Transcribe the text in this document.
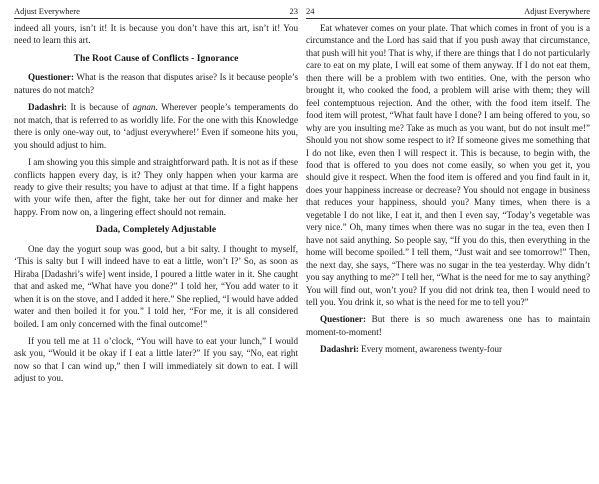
Adjust Everywhere	23

indeed all yours, isn’t it! It is because you don’t have this art, isn’t it! You need to learn this art.

The Root Cause of Conflicts - Ignorance

Questioner: What is the reason that disputes arise? Is it because people’s natures do not match?

Dadashri: It is because of agnan. Wherever people’s temperaments do not match, that is referred to as worldly life. For the one with this Knowledge there is only one-way out, to ‘adjust everywhere!’ Even if someone hits you, you should adjust to him.

I am showing you this simple and straightforward path. It is not as if these conflicts happen every day, is it? They only happen when your karma are ready to give their results; you have to adjust at that time. If a fight happens with your wife then, after the fight, take her out for dinner and make her happy. From now on, a lingering effect should not remain.

Dada, Completely Adjustable

One day the yogurt soup was good, but a bit salty. I thought to myself, ‘This is salty but I will indeed have to eat a little, won’t I?’ So, as soon as Hiraba [Dadashri’s wife] went inside, I poured a little water in it. She caught that and asked me, “What have you done?” I told her, “You add water to it when it is on the stove, and I added it here.” She replied, “I would have added water and then boiled it for you.” I told her, “For me, it is all considered boiled. I am only concerned with the final outcome!”

If you tell me at 11 o’clock, “You will have to eat your lunch,” I would ask you, “Would it be okay if I eat a little later?” If you say, “No, eat right now so that I can wind up,” then I will immediately sit down to eat. I will adjust to you.

24	Adjust Everywhere

Eat whatever comes on your plate. That which comes in front of you is a circumstance and the Lord has said that if you push away that circumstance, that push will hit you! That is why, if there are things that I do not particularly care to eat on my plate, I will eat some of them anyway. If I do not eat them, then there will be a problem with two entities. One, with the person who brought it, who cooked the food, a problem will arise with them; they will feel contemptuous rejection. And the other, with the food item itself. The food item will protest, “What fault have I done? I am being offered to you, so why are you insulting me? Take as much as you want, but do not insult me!” Should you not show some respect to it? If someone gives me something that I do not like, even then I will respect it. This is because, to begin with, the food that is offered to you does not come easily, so when you get it, you should give it respect. When the food item is offered and you find fault in it, does your happiness increase or decrease? You should not engage in business that reduces your happiness, should you? Many times, when there is a vegetable I do not like, I eat it, and then I even say, “Today’s vegetable was very nice.” Oh, many times when there was no sugar in the tea, even then I have not said anything. So people say, “If you do this, then everything in the home will become spoiled.” I tell them, “Just wait and see tomorrow!” Then, the next day, she says, “There was no sugar in the tea yesterday. Why didn’t you say anything to me?” I tell her, “What is the need for me to say anything? You will find out, won’t you? If you did not drink tea, then I would need to tell you. You drink it, so what is the need for me to tell you?”

Questioner: But there is so much awareness one has to maintain moment-to-moment!

Dadashri: Every moment, awareness twenty-four
